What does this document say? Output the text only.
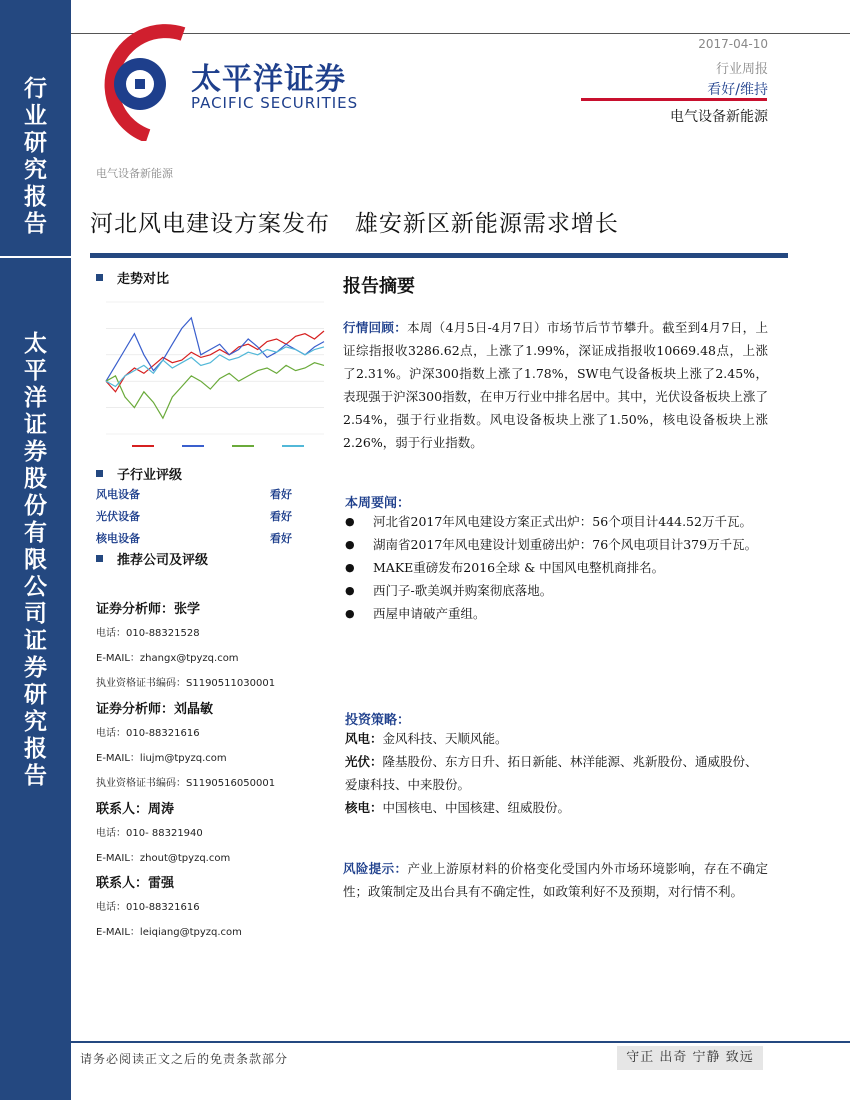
行
业
研
究
报
告
太
平
洋
证
券
股
份
有
限
公
司
证
券
研
究
报
告
太平洋证券
PACIFIC SECURITIES
2017-04-10
行业周报
看好/维持
电气设备新能源
电气设备新能源
河北风电建设方案发布   雄安新区新能源需求增长
走势对比
子行业评级
风电设备	看好
光伏设备	看好
核电设备	看好
推荐公司及评级
证券分析师：张学
电话：010-88321528
E-MAIL：zhangx@tpyzq.com
执业资格证书编码：S1190511030001
证券分析师：刘晶敏
电话：010-88321616
E-MAIL：liujm@tpyzq.com
执业资格证书编码：S1190516050001
联系人：周涛
电话：010- 88321940
E-MAIL：zhout@tpyzq.com
联系人：雷强
电话：010-88321616
E-MAIL：leiqiang@tpyzq.com
报告摘要
行情回顾：本周（4月5日-4月7日）市场节后节节攀升。截至到4月7日，上证综指报收3286.62点，上涨了1.99%，深证成指报收10669.48点，上涨了2.31%。沪深300指数上涨了1.78%，SW电气设备板块上涨了2.45%，表现强于沪深300指数，在申万行业中排名居中。其中，光伏设备板块上涨了2.54%，强于行业指数。风电设备板块上涨了1.50%，核电设备板块上涨2.26%，弱于行业指数。
本周要闻：
● 河北省2017年风电建设方案正式出炉：56个项目计444.52万千瓦。
● 湖南省2017年风电建设计划重磅出炉：76个风电项目计379万千瓦。
● MAKE重磅发布2016全球 & 中国风电整机商排名。
● 西门子-歌美飒并购案彻底落地。
● 西屋申请破产重组。
投资策略：
风电：金风科技、天顺风能。
光伏：隆基股份、东方日升、拓日新能、林洋能源、兆新股份、通威股份、爱康科技、中来股份。
核电：中国核电、中国核建、纽威股份。
风险提示：产业上游原材料的价格变化受国内外市场环境影响，存在不确定性；政策制定及出台具有不确定性，如政策利好不及预期，对行情不利。
请务必阅读正文之后的免责条款部分	守正 出奇 宁静 致远
